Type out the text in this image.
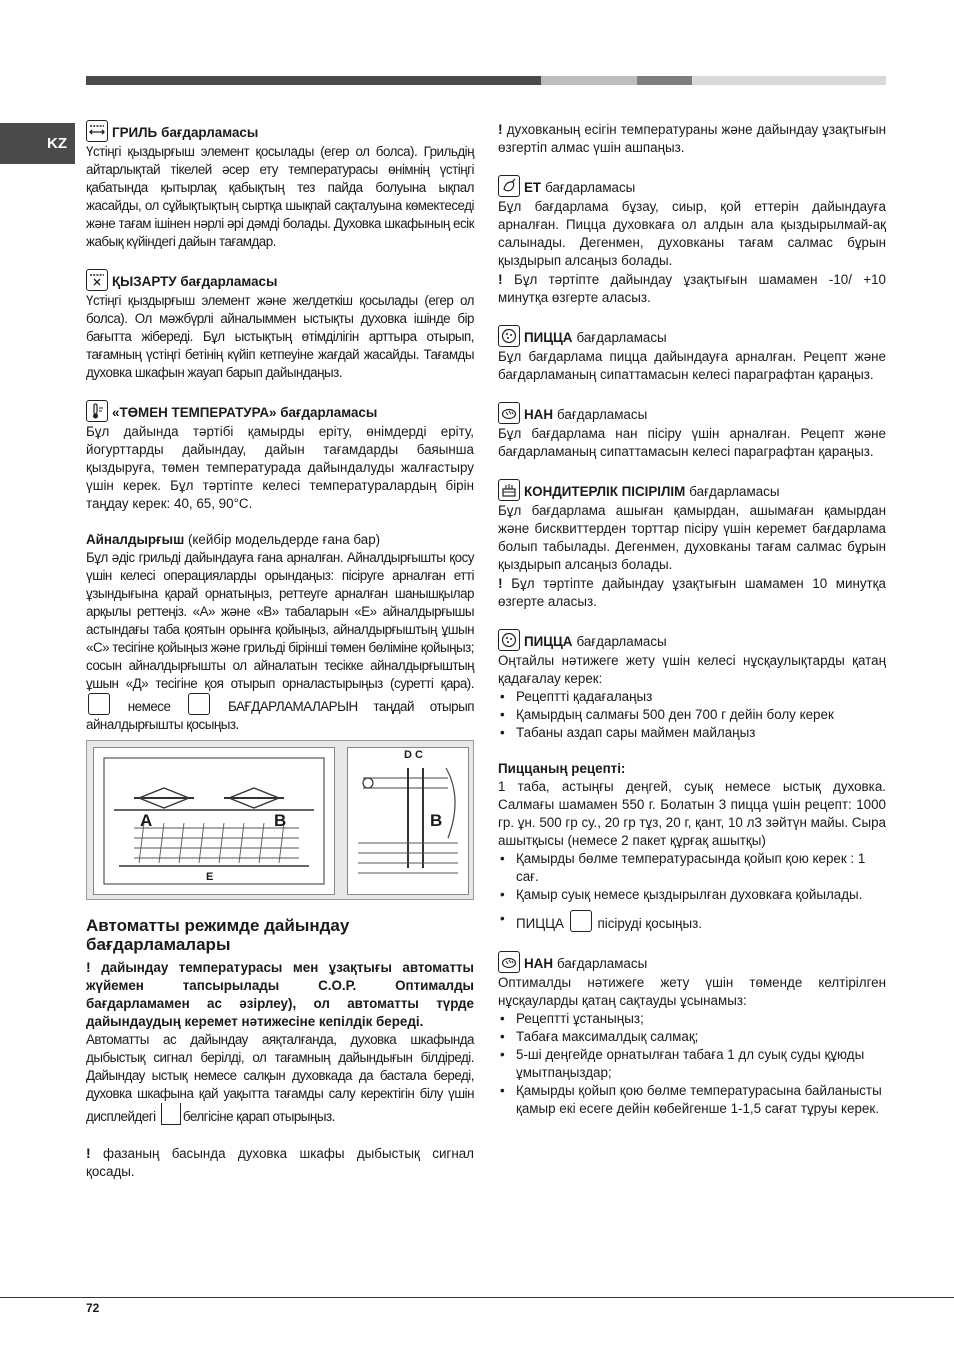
KZ
ГРИЛЬ бағдарламасы

Үстіңгі қыздырғыш элемент қосылады (егер ол болса). Грильдің айтарлықтай тікелей әсер ету температурасы өнімнің үстіңгі қабатында қытырлақ қабықтың тез пайда болуына ықпал жасайды, ол сұйықтықтың сыртқа шықпай сақталуына көмектеседі және тағам ішінен нәрлі әрі дәмді болады. Духовка шкафының есік жабық күйіндегі дайын тағамдар.

ҚЫЗАРТУ бағдарламасы

Үстіңгі қыздырғыш элемент және желдеткіш қосылады (егер ол болса). Ол мәжбүрлі айналыммен ыстықты духовка ішінде бір бағытта жібереді. Бұл ыстықтың өтімділігін арттыра отырып, тағамның үстіңгі бетінің күйіп кетпеуіне жағдай жасайды. Тағамды духовка шкафын жауап барып дайындаңыз.

«ТӨМЕН ТЕМПЕРАТУРА» бағдарламасы

Бұл дайында тәртібі қамырды еріту, өнімдерді еріту, йогурттарды дайындау, дайын тағамдарды баяынша қыздыруға, төмен температурада дайындалуды жалғастыру үшін керек. Бұл тәртіпте келесі температуралардың бірін таңдау керек: 40, 65, 90°C.

Айналдырғыш (кейбір модельдерде ғана бар)

Бұл әдіс грильді дайындауға ғана арналған. Айналдырғышты қосу үшін келесі операцияларды орындаңыз: пісіруге арналған етті ұзындығына қарай орнатыңыз, реттеуге арналған шанышқылар арқылы реттеңіз. «A» және «B» табаларын «E» айналдырғышы астындағы таба қоятын орынға қойыңыз, айналдырғыштың ұшын «C» тесігіне қойыңыз және грильді біріншi төмен бөлімінe қойыңыз; сосын айналдырғышты ол айналатын тесікке айналдырғыштың ұшын «Д» тесігіне қоя отырып орналастырыңыз (суретті қара).  немесе	БАҒДАРЛАМАЛАРЫН таңдай отырып айналдырғышты қосыңыз.

A	B
E
D C
B
Автоматты режимде дайындау бағдарламалары

! дайындау температурасы мен ұзақтығы автоматты жүйемен тапсырылады С.О.Р. Оптималды бағдарламамен ас әзірлеу), ол автоматты түрде дайындаудың керемет нәтижесіне кепілдік береді.

Автоматты ас дайындау аяқталғанда, духовка шкафында дыбыстық сигнал берілді, ол тағамның дайындығын білдіреді. Дайындау ыстық немесе салқын духовкада да бастала береді, духовка шкафына қай уақытта тағамды салу керектігін білу үшін дисплейдегі белгісіне қарап отырыңыз.

! фазаның басында духовка шкафы дыбыстық сигнал қосады.

! духовканың есігін температураны және дайындау ұзақтығын өзгертіп алмас үшін ашпаңыз.

ЕТ бағдарламасы

Бұл бағдарлама бұзау, сиыр, қой еттерін дайындауға арналған. Пицца духовкаға ол алдын ала қыздырылмай-ақ салынады. Дегенмен, духовканы тағам салмас бұрын қыздырып алсаңыз болады.

! Бұл тәртіпте дайындау ұзақтығын шамамен -10/ +10 минутқа өзгерте аласыз.

ПИЦЦА бағдарламасы

Бұл бағдарлама пицца дайындауға арналған. Рецепт және бағдарламаның сипаттамасын келесі параграфтан қараңыз.

НАН бағдарламасы

Бұл бағдарлама нан пісіру үшін арналған. Рецепт және бағдарламаның сипаттамасын келесі параграфтан қараңыз.

КОНДИТЕРЛІК ПІСІРІЛІМ бағдарламасы

Бұл бағдарлама ашыған қамырдан, ашымаған қамырдан және бисквиттерден торттар пісіру үшін керемет бағдарлама болып табылады. Дегенмен, духовканы тағам салмас бұрын қыздырып алсаңыз болады.

! Бұл тәртіпте дайындау ұзақтығын шамамен 10 минутқа өзгерте аласыз.

ПИЦЦА бағдарламасы

Оңтайлы нәтижеге жету үшін келесі нұсқаулықтарды қатаң қадағалау керек:

• Рецептті қадағалаңыз
• Қамырдың салмағы 500 ден 700 г дейін болу керек
• Табаны аздап сары маймен майлаңыз
Пиццаның рецепті:

1 таба, астыңғы деңгей, суық немесе ыстық духовка. Салмағы шамамен 550 г. Болатын 3 пицца үшін рецепт: 1000 гр. ұн. 500 гр су., 20 гр тұз, 20 г, қант, 10 л3 зәйтүн майы. Сыра ашытқысы (немесе 2 пакет құрғақ ашытқы)

• Қамырды бөлме температурасында қойып қою керек : 1 сағ.
• Қамыр суық немесе қыздырылған духовкаға қойылады.
• ПИЦЦА пісіруді қосыңыз.
НАН бағдарламасы

Оптималды нәтижеге жету үшін төменде келтірілген нұсқауларды қатаң сақтауды ұсынамыз:

• Рецептті ұстаныңыз;
• Табаға максималдық салмақ;
• 5-ші деңгейде орнатылған табаға 1 дл суық суды құюды ұмытпаңыздар;
• Қамырды қойып қою бөлме температурасына байланысты қамыр екі есеге дейін көбейгенше 1-1,5 сағат тұруы керек.
72
